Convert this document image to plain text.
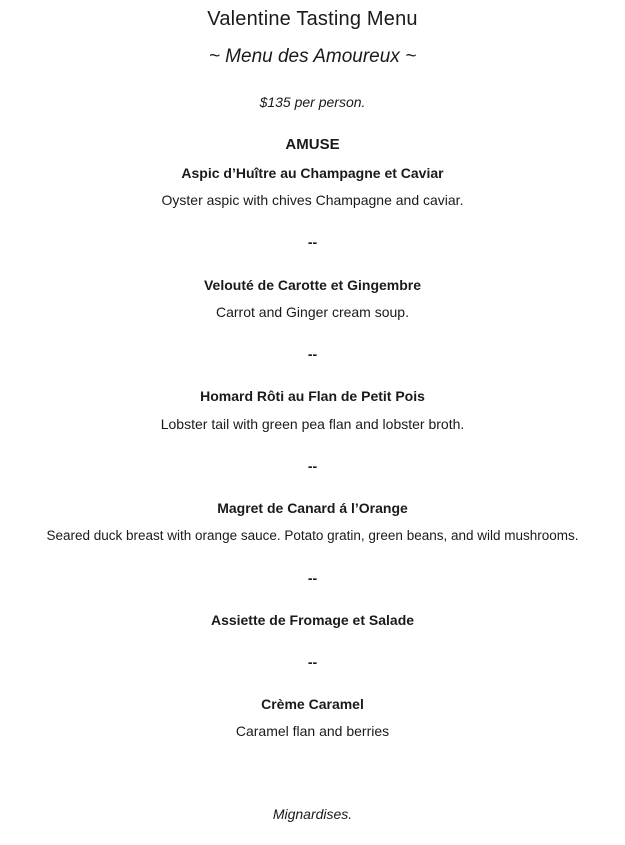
Valentine Tasting Menu
~ Menu des Amoureux ~
$135 per person.
AMUSE
Aspic d’Huître au Champagne et Caviar
Oyster aspic with chives Champagne and caviar.
--
Velouté de Carotte et Gingembre
Carrot and Ginger cream soup.
--
Homard Rôti au Flan de Petit Pois
Lobster tail with green pea flan and lobster broth.
--
Magret de Canard á l’Orange
Seared duck breast with orange sauce. Potato gratin, green beans, and wild mushrooms.
--
Assiette de Fromage et Salade
--
Crème Caramel
Caramel flan and berries
Mignardises.
